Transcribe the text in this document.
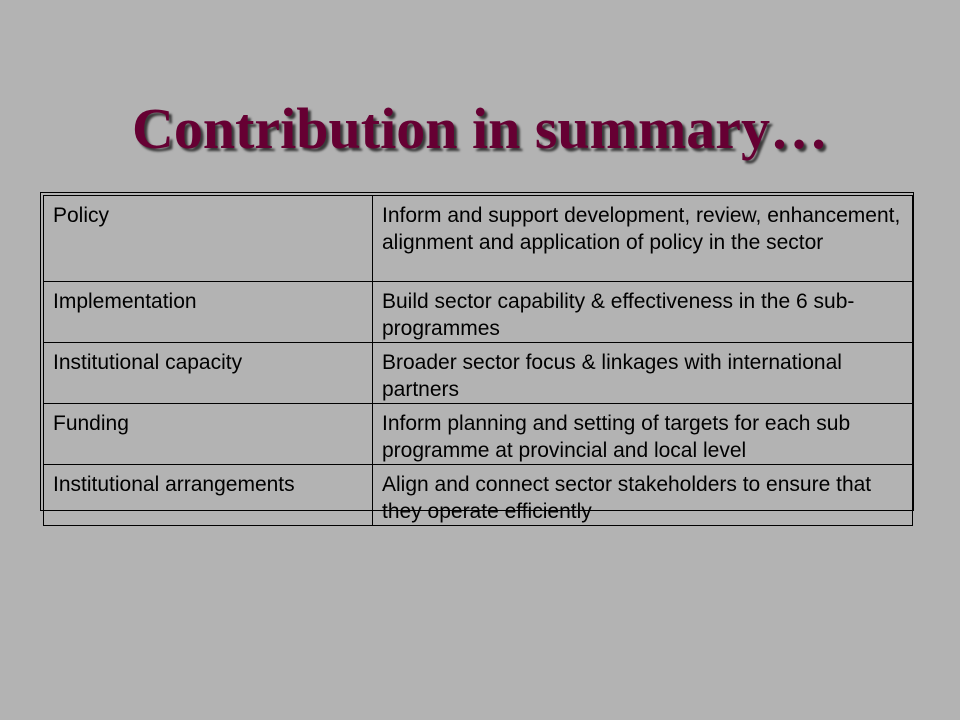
Contribution in summary…
Policy	Inform and support development, review, enhancement, alignment and application of policy in the sector
Implementation	Build sector capability & effectiveness in the 6 sub-programmes
Institutional capacity	Broader sector focus & linkages with international partners
Funding	Inform planning and setting of targets for each sub programme at provincial and local level
Institutional arrangements	Align and connect sector stakeholders to ensure that they operate efficiently
